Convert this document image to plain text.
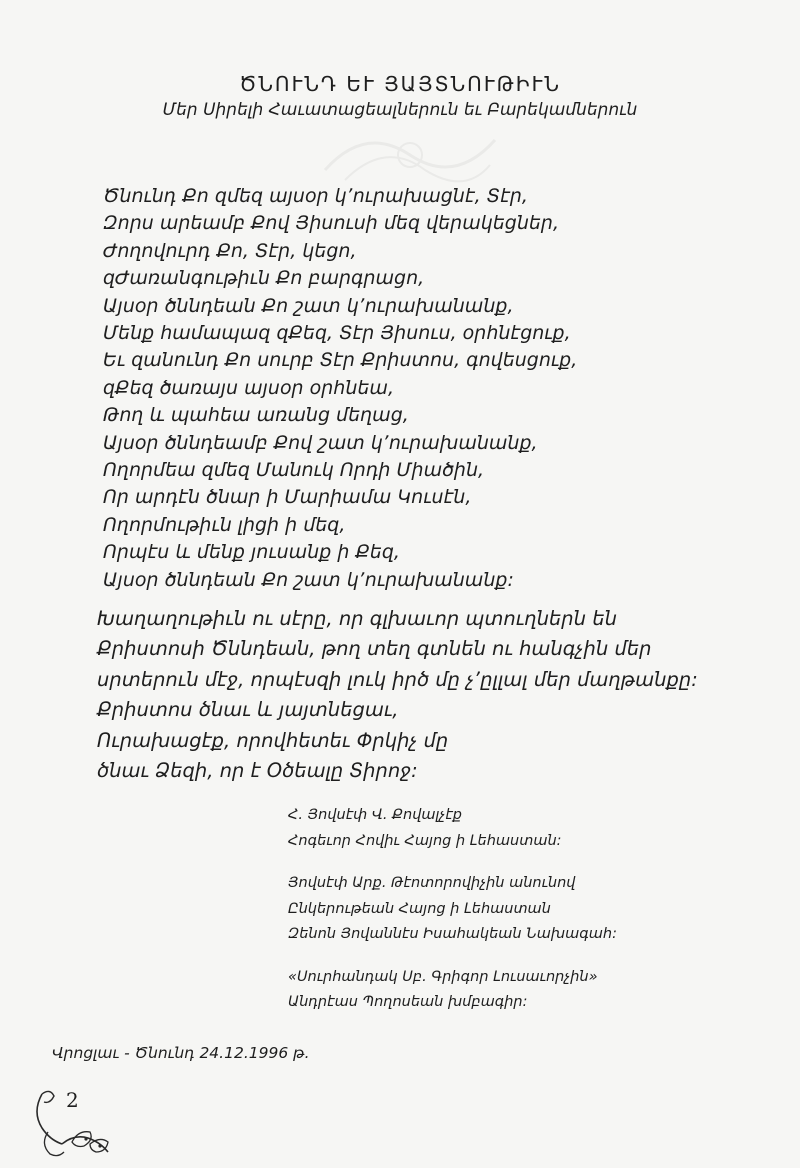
ԾՆՈՒՆԴ ԵՒ ՅԱՅՏՆՈՒԹԻՒՆ
Մեր Սիրելի Հաւատացեալներուն եւ Բարեկամներուն
Ծնունդ Քո զմեզ այսօր կ՚ուրախացնէ, Տէր,
Զորս արեամբ Քով Յիսուսի մեզ վերակեցներ,
Ժողովուրդ Քո, Տէր, կեցո,
զԺառանգութիւն Քո բարգրացո,
Այսօր ծննդեան Քո շատ կ՚ուրախանանք,
Մենք համապազ զՔեզ, Տէր Յիսուս, օրհնէցուք,
Եւ զանունդ Քո սուրբ Տէր Քրիստոս, գովեսցուք,
զՔեզ ծառայս այսօր օրհնեա,
Թող և պահեա առանց մեղաց,
Այսօր ծննդեամբ Քով շատ կ՚ուրախանանք,
Ողորմեա զմեզ Մանուկ Որդի Միածին,
Որ արդէն ծնար ի Մարիամա Կուսէն,
Ողորմութիւն լիցի ի մեզ,
Որպէս և մենք յուսանք ի Քեզ,
Այսօր ծննդեան Քո շատ կ՚ուրախանանք:
Խաղաղութիւն ու սէրը, որ գլխաւոր պտուղներն են
Քրիստոսի Ծննդեան, թող տեղ գտնեն ու հանգչին մեր
սրտերուն մէջ, որպէսզի լուկ իրծ մը չ՚ըլլալ մեր մաղթանքը:
Քրիստոս ծնաւ և յայտնեցաւ,
Ուրախացէք, որովհետեւ Փրկիչ մը
ծնաւ Ձեզի, որ է Օծեալը Տիրոջ:
Հ. Յովսէփ Վ. Քովալչէք
Հոգեւոր Հովիւ Հայոց ի Լեհաստան:
Յովսէփ Արք. Թէոտորովիչին անունով
Ընկերութեան Հայոց ի Լեհաստան
Զենոն Յովաննէս Իսահակեան Նախագահ:
«Սուրհանդակ Սբ. Գրիգոր Լուսաւորչին»
Անդրէաս Պողոսեան խմբագիր:
Վրոցլաւ - Ծնունդ 24.12.1996 թ.
2
